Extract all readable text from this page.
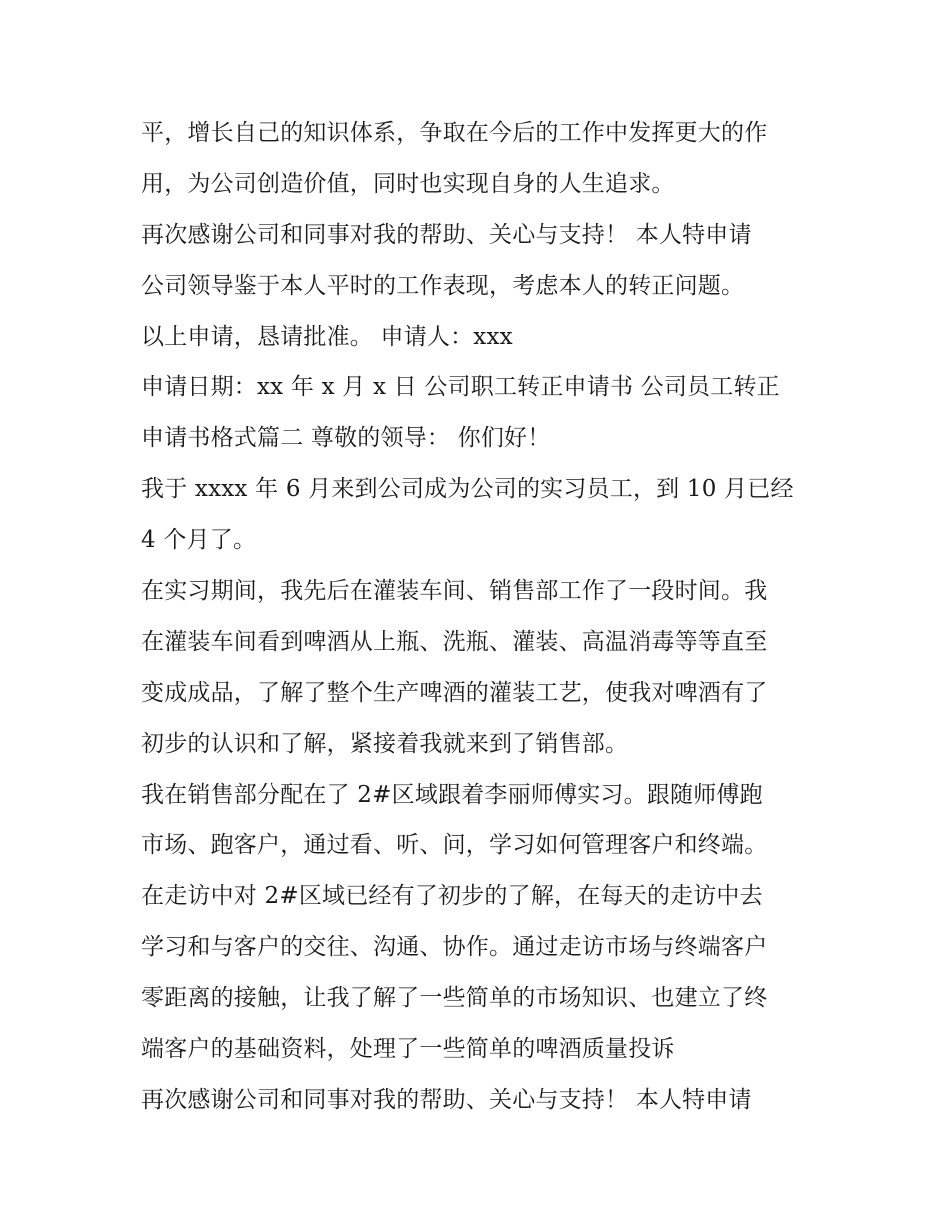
平，增长自己的知识体系，争取在今后的工作中发挥更大的作
用，为公司创造价值，同时也实现自身的人生追求。
再次感谢公司和同事对我的帮助、关心与支持！ 本人特申请
公司领导鉴于本人平时的工作表现，考虑本人的转正问题。
以上申请，恳请批准。 申请人：xxx
申请日期：xx 年 x 月 x 日 公司职工转正申请书 公司员工转正
申请书格式篇二 尊敬的领导： 你们好！
我于 xxxx 年 6 月来到公司成为公司的实习员工，到 10 月已经
4 个月了。
在实习期间，我先后在灌装车间、销售部工作了一段时间。我
在灌装车间看到啤酒从上瓶、洗瓶、灌装、高温消毒等等直至
变成成品，了解了整个生产啤酒的灌装工艺，使我对啤酒有了
初步的认识和了解，紧接着我就来到了销售部。
我在销售部分配在了 2#区域跟着李丽师傅实习。跟随师傅跑
市场、跑客户，通过看、听、问，学习如何管理客户和终端。
在走访中对 2#区域已经有了初步的了解，在每天的走访中去
学习和与客户的交往、沟通、协作。通过走访市场与终端客户
零距离的接触，让我了解了一些简单的市场知识、也建立了终
端客户的基础资料，处理了一些简单的啤酒质量投诉
再次感谢公司和同事对我的帮助、关心与支持！ 本人特申请
